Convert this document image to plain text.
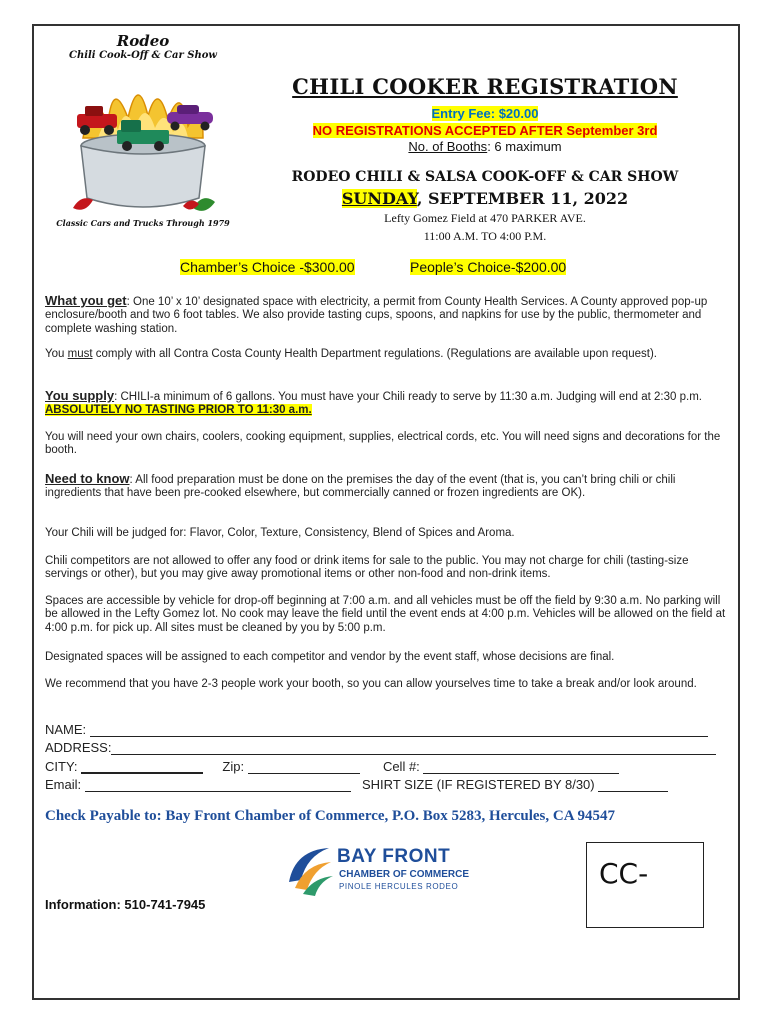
Rodeo
Chili Cook-Off & Car Show
Classic Cars and Trucks Through 1979
CHILI COOKER REGISTRATION
Entry Fee: $20.00
NO REGISTRATIONS ACCEPTED AFTER September 3rd
No. of Booths: 6 maximum
RODEO CHILI & SALSA COOK-OFF & CAR SHOW
SUNDAY, SEPTEMBER 11, 2022
Lefty Gomez Field at 470 PARKER AVE.
11:00 A.M. TO 4:00 P.M.
Chamber’s Choice -$300.00	People’s Choice-$200.00

What you get: One 10’ x 10’ designated space with electricity, a permit from County Health Services. A County approved pop-up enclosure/booth and two 6 foot tables. We also provide tasting cups, spoons, and napkins for use by the public, thermometer and complete washing station.

You must comply with all Contra Costa County Health Department regulations. (Regulations are available upon request).

You supply: CHILI-a minimum of 6 gallons. You must have your Chili ready to serve by 11:30 a.m. Judging will end at 2:30 p.m. ABSOLUTELY NO TASTING PRIOR TO 11:30 a.m.

You will need your own chairs, coolers, cooking equipment, supplies, electrical cords, etc. You will need signs and decorations for the booth.

Need to know: All food preparation must be done on the premises the day of the event (that is, you can’t bring chili or chili ingredients that have been pre-cooked elsewhere, but commercially canned or frozen ingredients are OK).

Your Chili will be judged for: Flavor, Color, Texture, Consistency, Blend of Spices and Aroma.

Chili competitors are not allowed to offer any food or drink items for sale to the public. You may not charge for chili (tasting-size servings or other), but you may give away promotional items or other non-food and non-drink items.

Spaces are accessible by vehicle for drop-off beginning at 7:00 a.m. and all vehicles must be off the field by 9:30 a.m. No parking will be allowed in the Lefty Gomez lot. No cook may leave the field until the event ends at 4:00 p.m. Vehicles will be allowed on the field at 4:00 p.m. for pick up. All sites must be cleaned by you by 5:00 p.m.

Designated spaces will be assigned to each competitor and vendor by the event staff, whose decisions are final.

We recommend that you have 2-3 people work your booth, so you can allow yourselves time to take a break and/or look around.

NAME:
ADDRESS:
CITY:	Zip:	Cell #:
Email:	SHIRT SIZE (IF REGISTERED BY 8/30)
Check Payable to: Bay Front Chamber of Commerce, P.O. Box 5283, Hercules, CA 94547
BAY FRONT
CHAMBER OF COMMERCE
PINOLE HERCULES RODEO
Information: 510-741-7945
CC-
